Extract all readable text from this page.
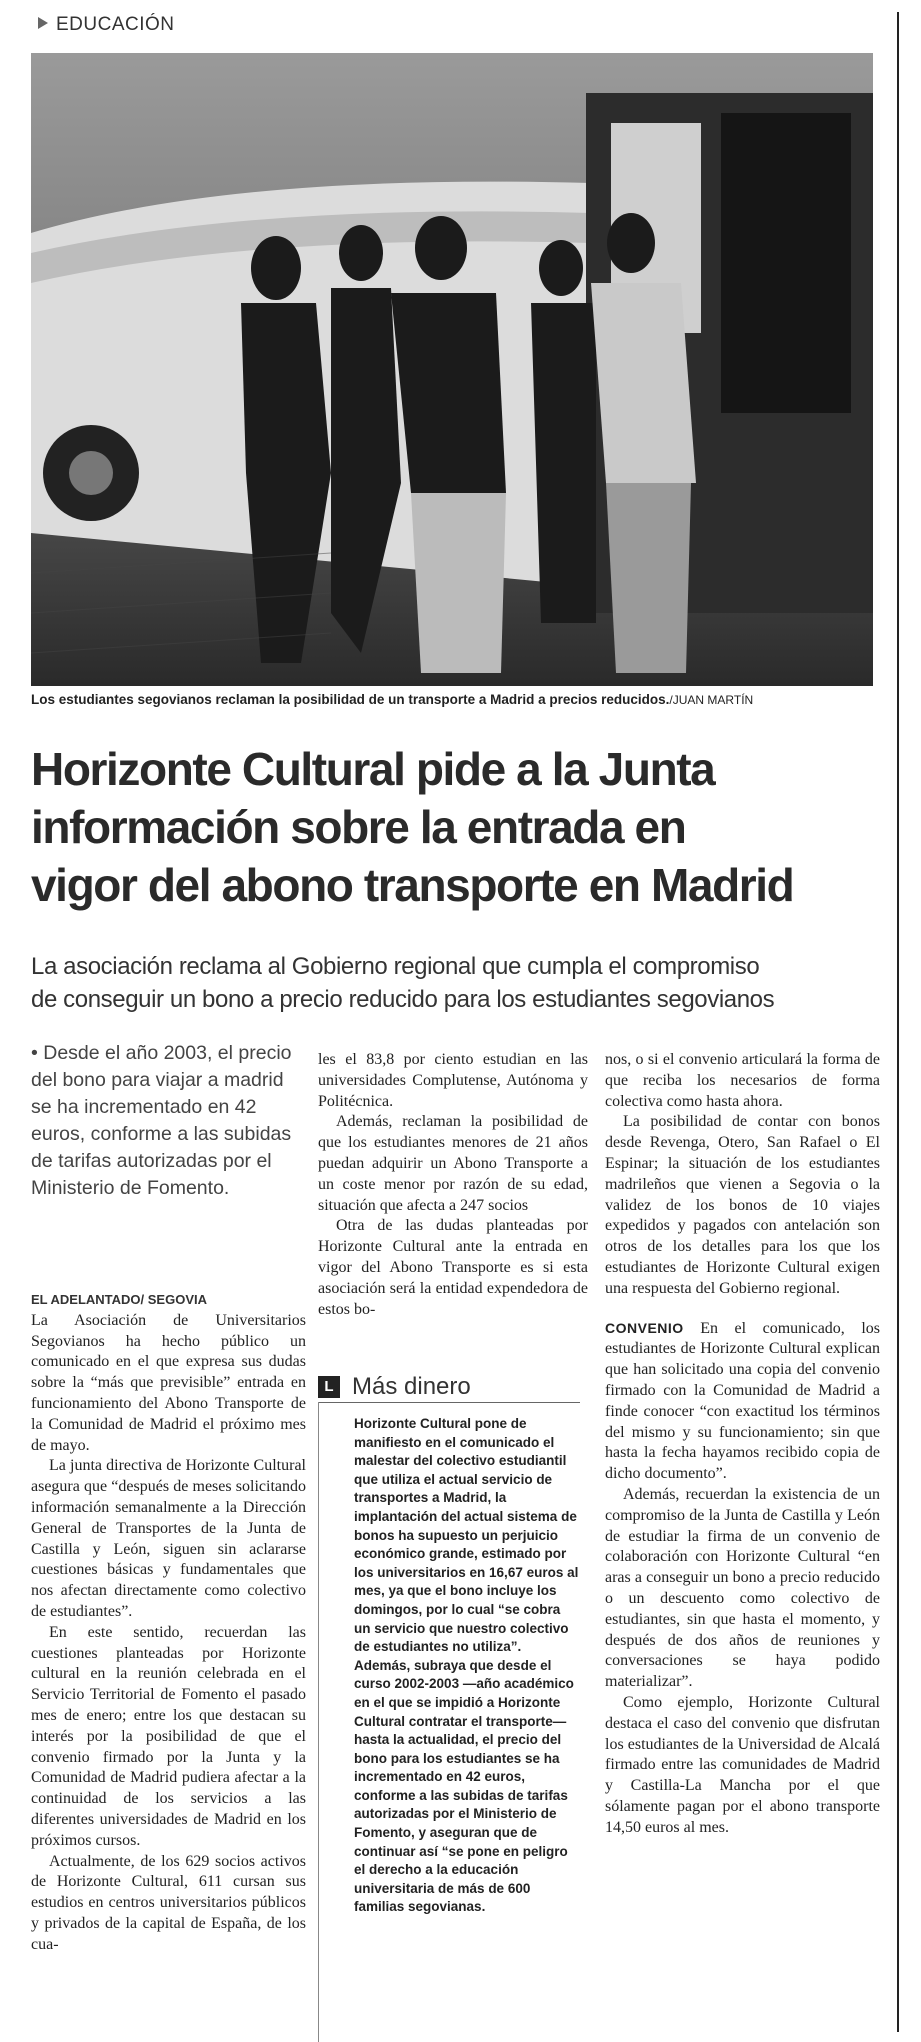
EDUCACIÓN
Los estudiantes segovianos reclaman la posibilidad de un transporte a Madrid a precios reducidos./JUAN MARTÍN
Horizonte Cultural pide a la Junta
información sobre la entrada en
vigor del abono transporte en Madrid
La asociación reclama al Gobierno regional que cumpla el compromiso
de conseguir un bono a precio reducido para los estudiantes segovianos
• Desde el año 2003, el precio del bono para viajar a madrid se ha incrementado en 42 euros, conforme a las subidas de tarifas autorizadas por el Ministerio de Fomento.
EL ADELANTADO/ SEGOVIA

La Asociación de Universitarios Segovianos ha hecho público un comunicado en el que expresa sus dudas sobre la “más que previsible” entrada en funcionamiento del Abono Transporte de la Comunidad de Madrid el próximo mes de mayo.

La junta directiva de Horizonte Cultural asegura que “después de meses solicitando información semanalmente a la Dirección General de Transportes de la Junta de Castilla y León, siguen sin aclararse cuestiones básicas y fundamentales que nos afectan directamente como colectivo de estudiantes”.

En este sentido, recuerdan las cuestiones planteadas por Horizonte cultural en la reunión celebrada en el Servicio Territorial de Fomento el pasado mes de enero; entre los que destacan su interés por la posibilidad de que el convenio firmado por la Junta y la Comunidad de Madrid pudiera afectar a la continuidad de los servicios a las diferentes universidades de Madrid en los próximos cursos.

Actualmente, de los 629 socios activos de Horizonte Cultural, 611 cursan sus estudios en centros universitarios públicos y privados de la capital de España, de los cua-

les el 83,8 por ciento estudian en las universidades Complutense, Autónoma y Politécnica.

Además, reclaman la posibilidad de que los estudiantes menores de 21 años puedan adquirir un Abono Transporte a un coste menor por razón de su edad, situación que afecta a 247 socios

Otra de las dudas planteadas por Horizonte Cultural ante la entrada en vigor del Abono Transporte es si esta asociación será la entidad expendedora de estos bo-

L Más dinero

Horizonte Cultural pone de manifiesto en el comunicado el malestar del colectivo estudiantil que utiliza el actual servicio de transportes a Madrid, la implantación del actual sistema de bonos ha supuesto un perjuicio económico grande, estimado por los universitarios en 16,67 euros al mes, ya que el bono incluye los domingos, por lo cual “se cobra un servicio que nuestro colectivo de estudiantes no utiliza”.

Además, subraya que desde el curso 2002-2003 —año académico en el que se impidió a Horizonte Cultural contratar el transporte— hasta la actualidad, el precio del bono para los estudiantes se ha incrementado en 42 euros, conforme a las subidas de tarifas autorizadas por el Ministerio de Fomento, y aseguran que de continuar así “se pone en peligro el derecho a la educación universitaria de más de 600 familias segovianas.

nos, o si el convenio articulará la forma de que reciba los necesarios de forma colectiva como hasta ahora.

La posibilidad de contar con bonos desde Revenga, Otero, San Rafael o El Espinar; la situación de los estudiantes madrileños que vienen a Segovia o la validez de los bonos de 10 viajes expedidos y pagados con antelación son otros de los detalles para los que los estudiantes de Horizonte Cultural exigen una respuesta del Gobierno regional.

CONVENIO En el comunicado, los estudiantes de Horizonte Cultural explican que han solicitado una copia del convenio firmado con la Comunidad de Madrid a finde conocer “con exactitud los términos del mismo y su funcionamiento; sin que hasta la fecha hayamos recibido copia de dicho documento”.

Además, recuerdan la existencia de un compromiso de la Junta de Castilla y León de estudiar la firma de un convenio de colaboración con Horizonte Cultural “en aras a conseguir un bono a precio reducido o un descuento como colectivo de estudiantes, sin que hasta el momento, y después de dos años de reuniones y conversaciones se haya podido materializar”.

Como ejemplo, Horizonte Cultural destaca el caso del convenio que disfrutan los estudiantes de la Universidad de Alcalá firmado entre las comunidades de Madrid y Castilla-La Mancha por el que sólamente pagan por el abono transporte 14,50 euros al mes.
